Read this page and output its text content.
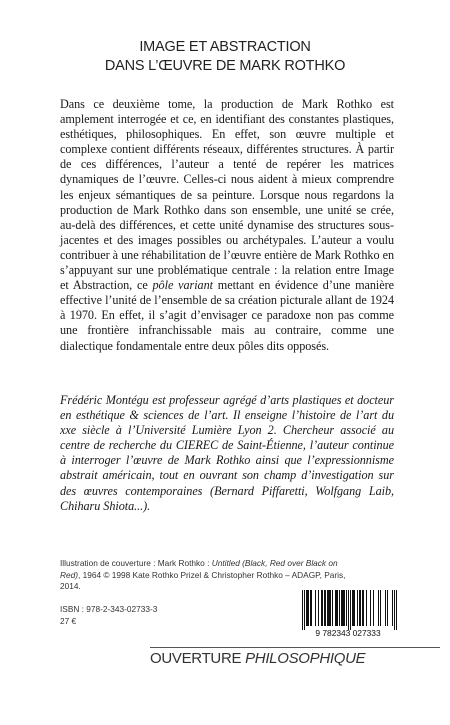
IMAGE ET ABSTRACTION
DANS L’ŒUVRE DE MARK ROTHKO

Dans ce deuxième tome, la production de Mark Rothko est amplement interrogée et ce, en identifiant des constantes plastiques, esthétiques, philosophiques. En effet, son œuvre multiple et complexe contient différents réseaux, différentes structures. À partir de ces différences, l’auteur a tenté de repérer les matrices dynamiques de l’œuvre. Celles-ci nous aident à mieux comprendre les enjeux sémantiques de sa peinture. Lorsque nous regardons la production de Mark Rothko dans son ensemble, une unité se crée, au-delà des différences, et cette unité dynamise des structures sous-jacentes et des images possibles ou archétypales. L’auteur a voulu contribuer à une réhabilitation de l’œuvre entière de Mark Rothko en s’appuyant sur une problématique centrale : la relation entre Image et Abstraction, ce pôle variant mettant en évidence d’une manière effective l’unité de l’ensemble de sa création picturale allant de 1924 à 1970. En effet, il s’agit d’envisager ce paradoxe non pas comme une frontière infranchissable mais au contraire, comme une dialectique fondamentale entre deux pôles dits opposés.

Frédéric Montégu est professeur agrégé d’arts plastiques et docteur en esthétique & sciences de l’art. Il enseigne l’histoire de l’art du xxe siècle à l’Université Lumière Lyon 2. Chercheur associé au centre de recherche du CIEREC de Saint-Étienne, l’auteur continue à interroger l’œuvre de Mark Rothko ainsi que l’expressionnisme abstrait américain, tout en ouvrant son champ d’investigation sur des œuvres contemporaines (Bernard Piffaretti, Wolfgang Laib, Chiharu Shiota...).

Illustration de couverture : Mark Rothko : Untitled (Black, Red over Black on Red), 1964 © 1998 Kate Rothko Prizel & Christopher Rothko – ADAGP, Paris, 2014.
ISBN : 978-2-343-02733-3
27 €
9 782343 027333
OUVERTURE PHILOSOPHIQUE
